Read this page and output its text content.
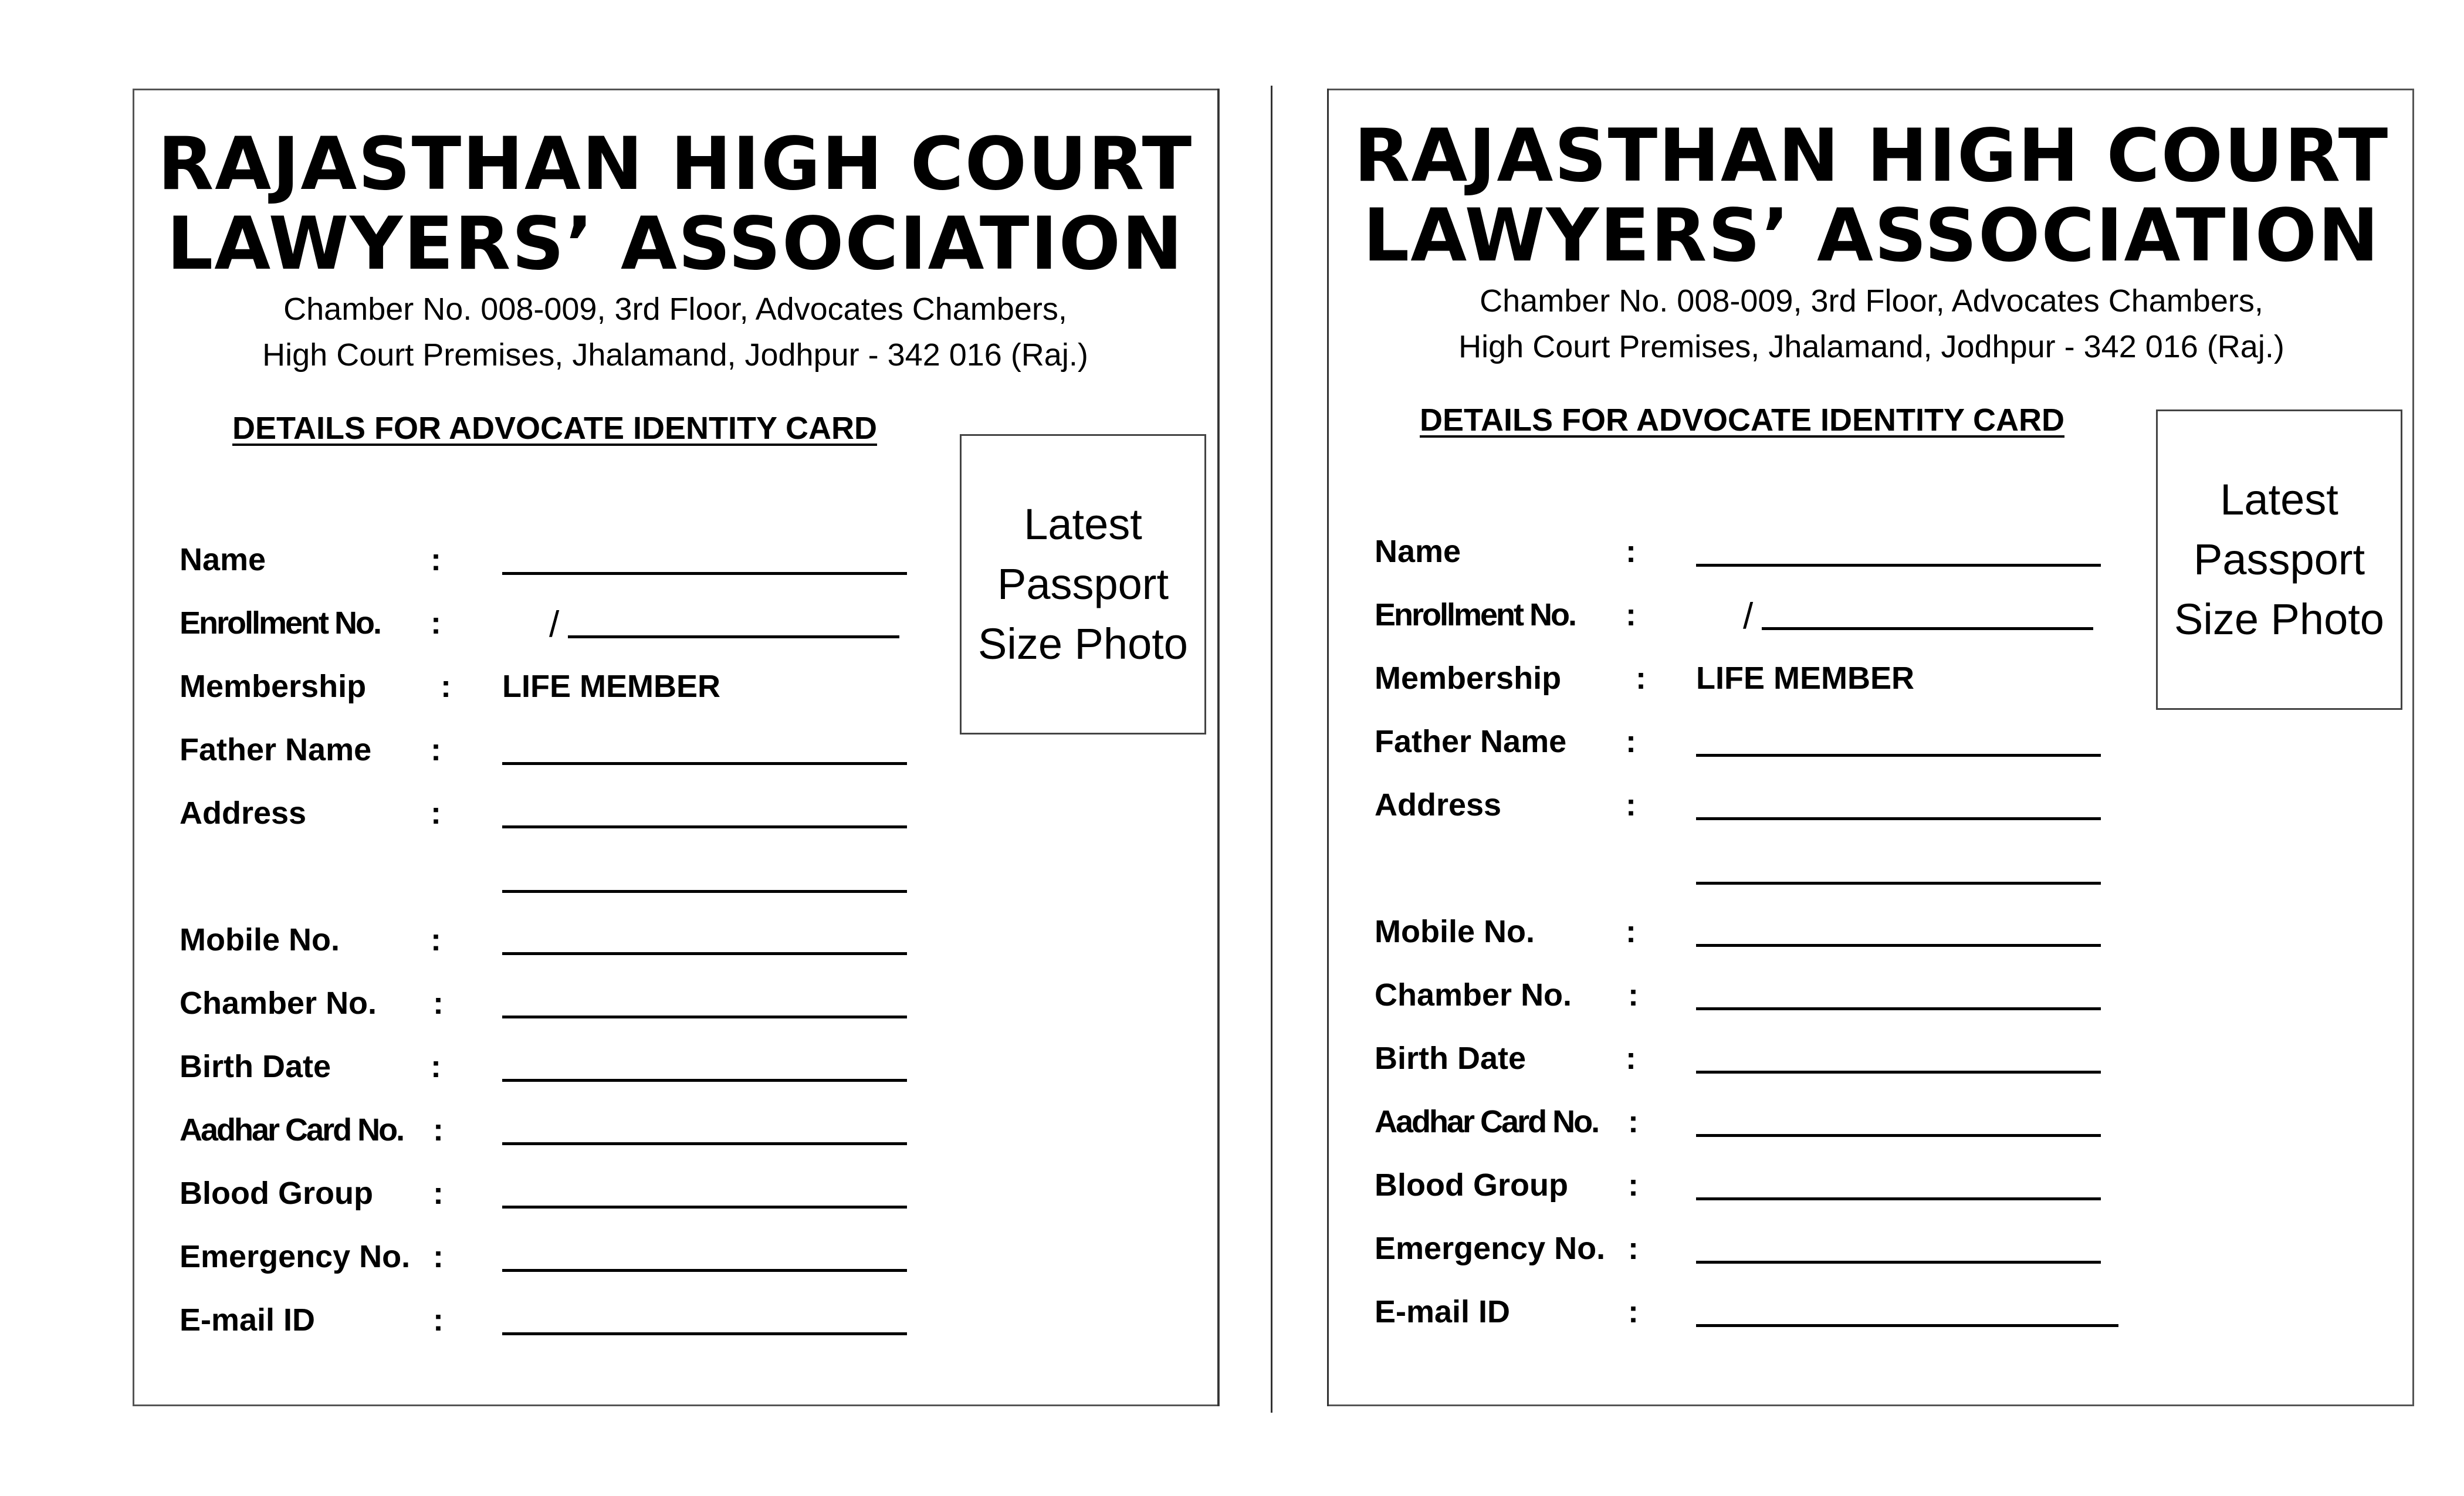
RAJASTHAN HIGH COURT
LAWYERS’ ASSOCIATION
Chamber No. 008-009, 3rd Floor, Advocates Chambers,
High Court Premises, Jhalamand, Jodhpur - 342 016 (Raj.)
DETAILS FOR ADVOCATE IDENTITY CARD
Latest Passport Size Photo
Name	:
Enrollment No. :	/
Membership : LIFE MEMBER
Father Name :
Address	:
Mobile No.	:
Chamber No. :
Birth Date	:
Aadhar Card No. :
Blood Group :
Emergency No. :
E-mail ID	:
RAJASTHAN HIGH COURT
LAWYERS’ ASSOCIATION
Chamber No. 008-009, 3rd Floor, Advocates Chambers,
High Court Premises, Jhalamand, Jodhpur - 342 016 (Raj.)
DETAILS FOR ADVOCATE IDENTITY CARD
Latest Passport Size Photo
Name	:
Enrollment No. :	/
Membership : LIFE MEMBER
Father Name :
Address	:
Mobile No.	:
Chamber No. :
Birth Date	:
Aadhar Card No. :
Blood Group :
Emergency No. :
E-mail ID	:
